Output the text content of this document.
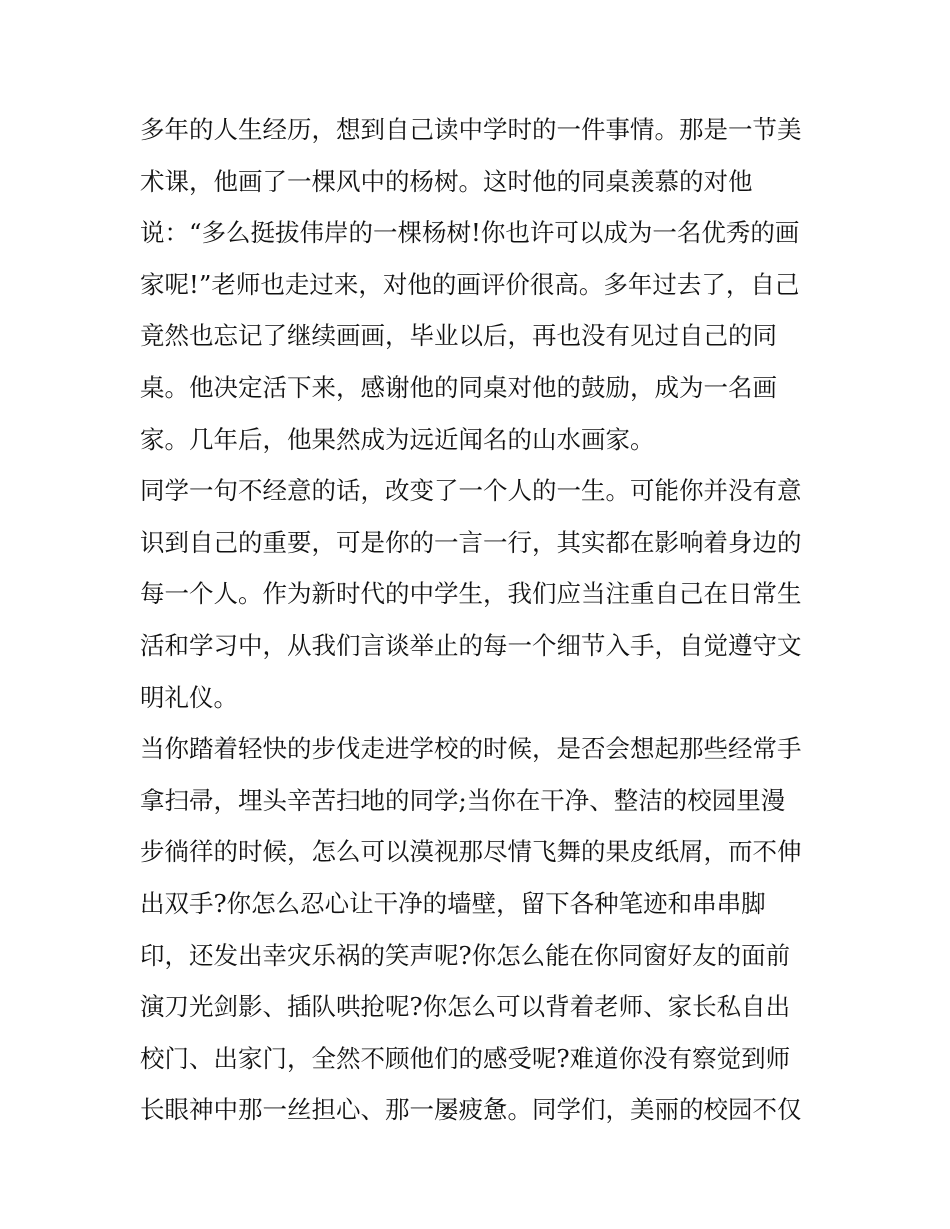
多年的人生经历，想到自己读中学时的一件事情。那是一节美
术课，他画了一棵风中的杨树。这时他的同桌羡慕的对他
说：“多么挺拔伟岸的一棵杨树!你也许可以成为一名优秀的画
家呢!”老师也走过来，对他的画评价很高。多年过去了，自己
竟然也忘记了继续画画，毕业以后，再也没有见过自己的同
桌。他决定活下来，感谢他的同桌对他的鼓励，成为一名画
家。几年后，他果然成为远近闻名的山水画家。
同学一句不经意的话，改变了一个人的一生。可能你并没有意
识到自己的重要，可是你的一言一行，其实都在影响着身边的
每一个人。作为新时代的中学生，我们应当注重自己在日常生
活和学习中，从我们言谈举止的每一个细节入手，自觉遵守文
明礼仪。
当你踏着轻快的步伐走进学校的时候，是否会想起那些经常手
拿扫帚，埋头辛苦扫地的同学;当你在干净、整洁的校园里漫
步徜徉的时候，怎么可以漠视那尽情飞舞的果皮纸屑，而不伸
出双手?你怎么忍心让干净的墙壁，留下各种笔迹和串串脚
印，还发出幸灾乐祸的笑声呢?你怎么能在你同窗好友的面前
演刀光剑影、插队哄抢呢?你怎么可以背着老师、家长私自出
校门、出家门，全然不顾他们的感受呢?难道你没有察觉到师
长眼神中那一丝担心、那一屡疲惫。同学们，美丽的校园不仅
